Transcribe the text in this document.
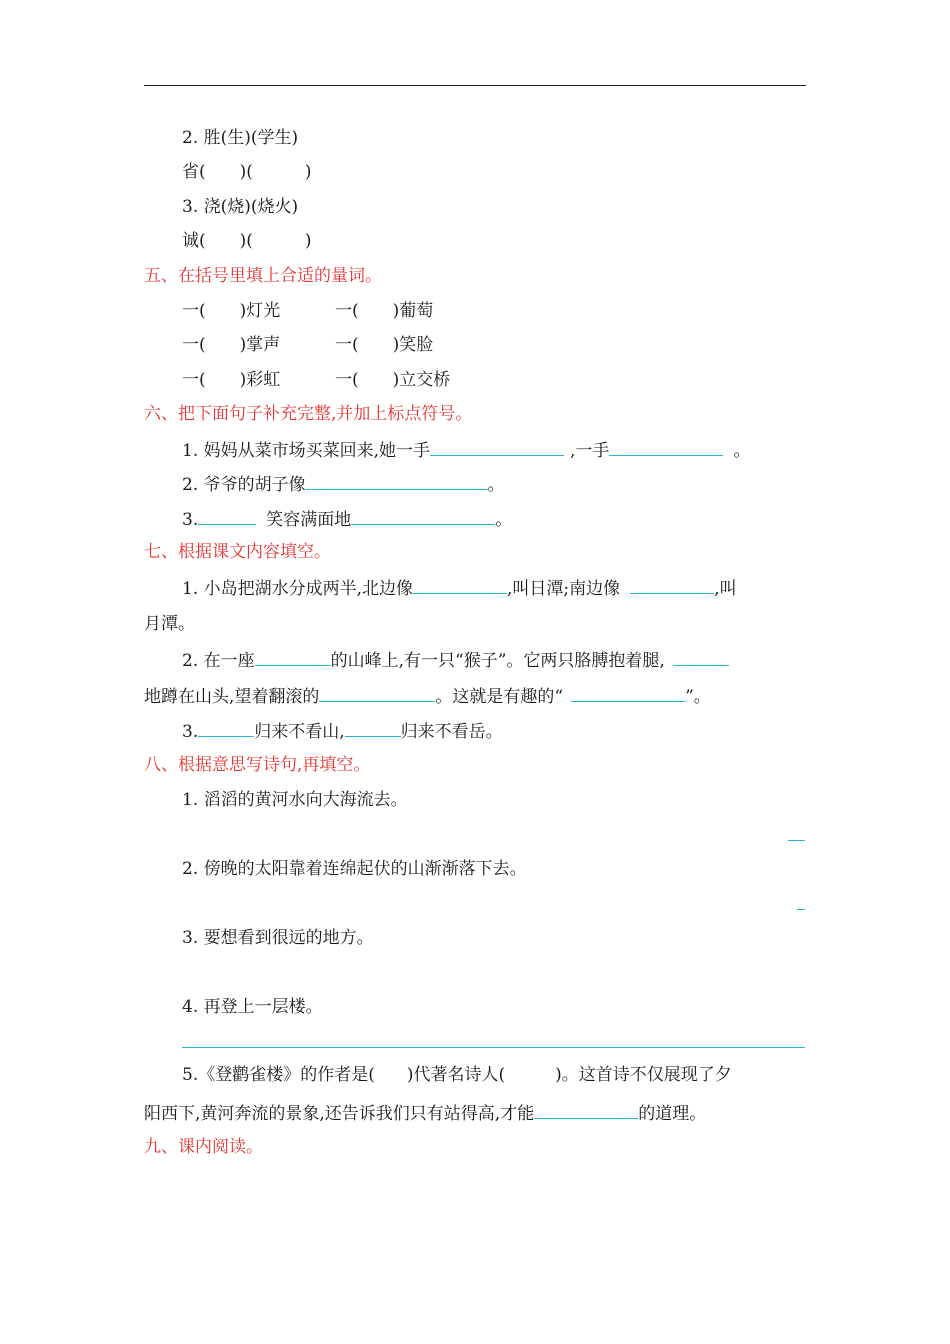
2. 胜(生)(学生)
省( )(	)
3. 浇(烧)(烧火)
诚( )(	)
五、在括号里填上合适的量词。
一( )灯光	一( )葡萄
一( )掌声	一( )笑脸
一( )彩虹	一( )立交桥
六、把下面句子补充完整,并加上标点符号。
1. 妈妈从菜市场买菜回来,她一手	,一手	。
2. 爷爷的胡子像	。
3.	笑容满面地	。
七、根据课文内容填空。
1. 小岛把湖水分成两半,北边像	,叫日潭;南边像	,叫
月潭。
2. 在一座	的山峰上,有一只“猴子”。它两只胳膊抱着腿,
地蹲在山头,望着翻滚的	。这就是有趣的“	”。
3.	归来不看山,	归来不看岳。
八、根据意思写诗句,再填空。
1. 滔滔的黄河水向大海流去。
2. 傍晚的太阳靠着连绵起伏的山渐渐落下去。
3. 要想看到很远的地方。
4. 再登上一层楼。
5.《登鹳雀楼》的作者是( )代著名诗人(	)。这首诗不仅展现了夕
阳西下,黄河奔流的景象,还告诉我们只有站得高,才能	的道理。
九、课内阅读。
